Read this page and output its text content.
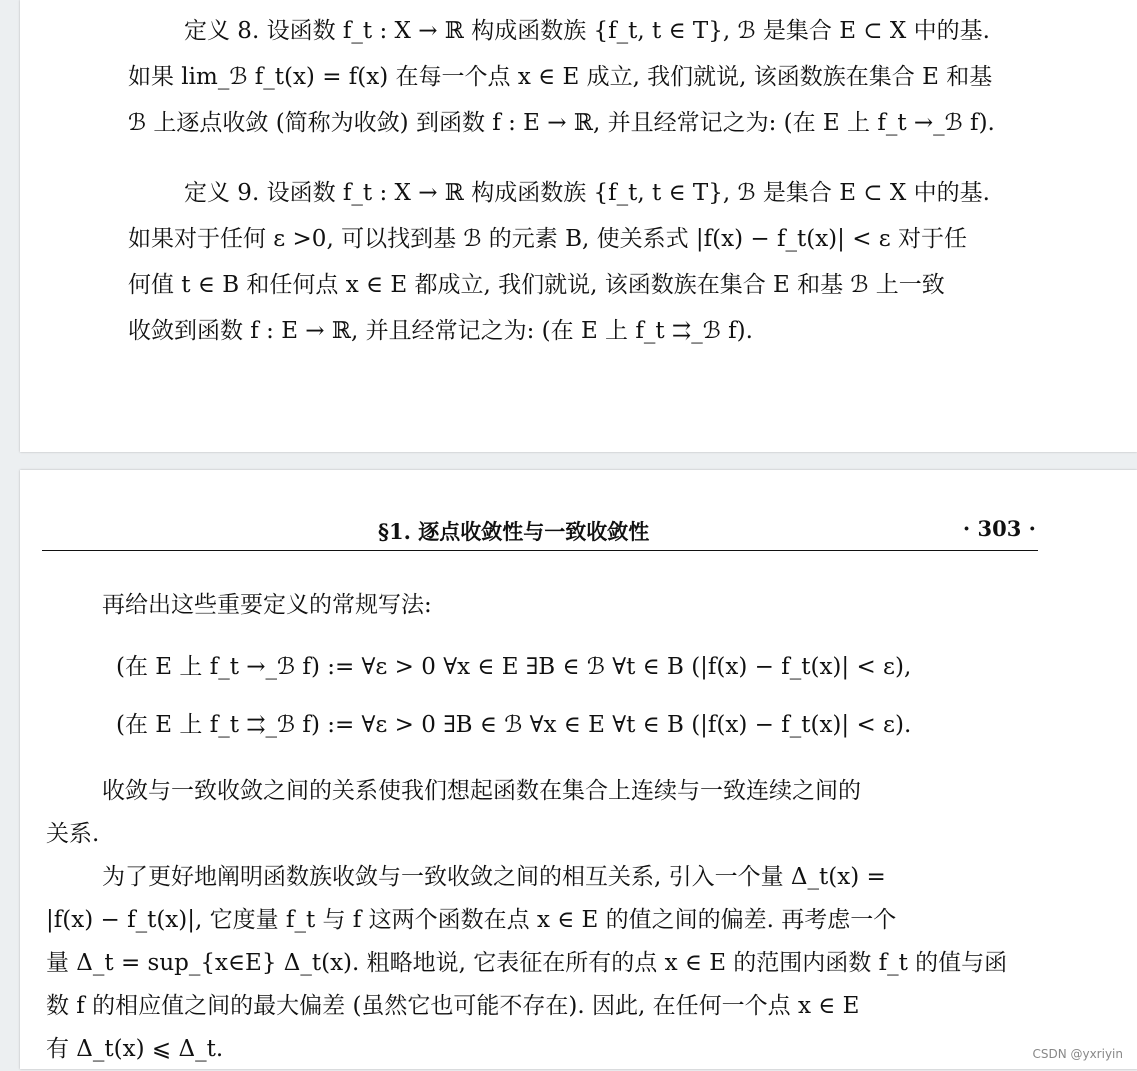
定义 8. 设函数 f_t : X → ℝ 构成函数族 {f_t, t ∈ T}, ℬ 是集合 E ⊂ X 中的基.
如果 lim_ℬ f_t(x) = f(x) 在每一个点 x ∈ E 成立, 我们就说, 该函数族在集合 E 和基
ℬ 上逐点收敛 (简称为收敛) 到函数 f : E → ℝ, 并且经常记之为: (在 E 上 f_t →_ℬ f).
定义 9. 设函数 f_t : X → ℝ 构成函数族 {f_t, t ∈ T}, ℬ 是集合 E ⊂ X 中的基.
如果对于任何 ε >0, 可以找到基 ℬ 的元素 B, 使关系式 |f(x) − f_t(x)| < ε 对于任
何值 t ∈ B 和任何点 x ∈ E 都成立, 我们就说, 该函数族在集合 E 和基 ℬ 上一致
收敛到函数 f : E → ℝ, 并且经常记之为: (在 E 上 f_t ⇉_ℬ f).
§1. 逐点收敛性与一致收敛性	· 303 ·
再给出这些重要定义的常规写法:
(在 E 上 f_t →_ℬ f) := ∀ε > 0 ∀x ∈ E ∃B ∈ ℬ ∀t ∈ B (|f(x) − f_t(x)| < ε),
(在 E 上 f_t ⇉_ℬ f) := ∀ε > 0 ∃B ∈ ℬ ∀x ∈ E ∀t ∈ B (|f(x) − f_t(x)| < ε).
收敛与一致收敛之间的关系使我们想起函数在集合上连续与一致连续之间的
关系.
为了更好地阐明函数族收敛与一致收敛之间的相互关系, 引入一个量 Δ_t(x) =
|f(x) − f_t(x)|, 它度量 f_t 与 f 这两个函数在点 x ∈ E 的值之间的偏差. 再考虑一个
量 Δ_t = sup_{x∈E} Δ_t(x). 粗略地说, 它表征在所有的点 x ∈ E 的范围内函数 f_t 的值与函
数 f 的相应值之间的最大偏差 (虽然它也可能不存在). 因此, 在任何一个点 x ∈ E
有 Δ_t(x) ⩽ Δ_t.	CSDN @yxriyin
